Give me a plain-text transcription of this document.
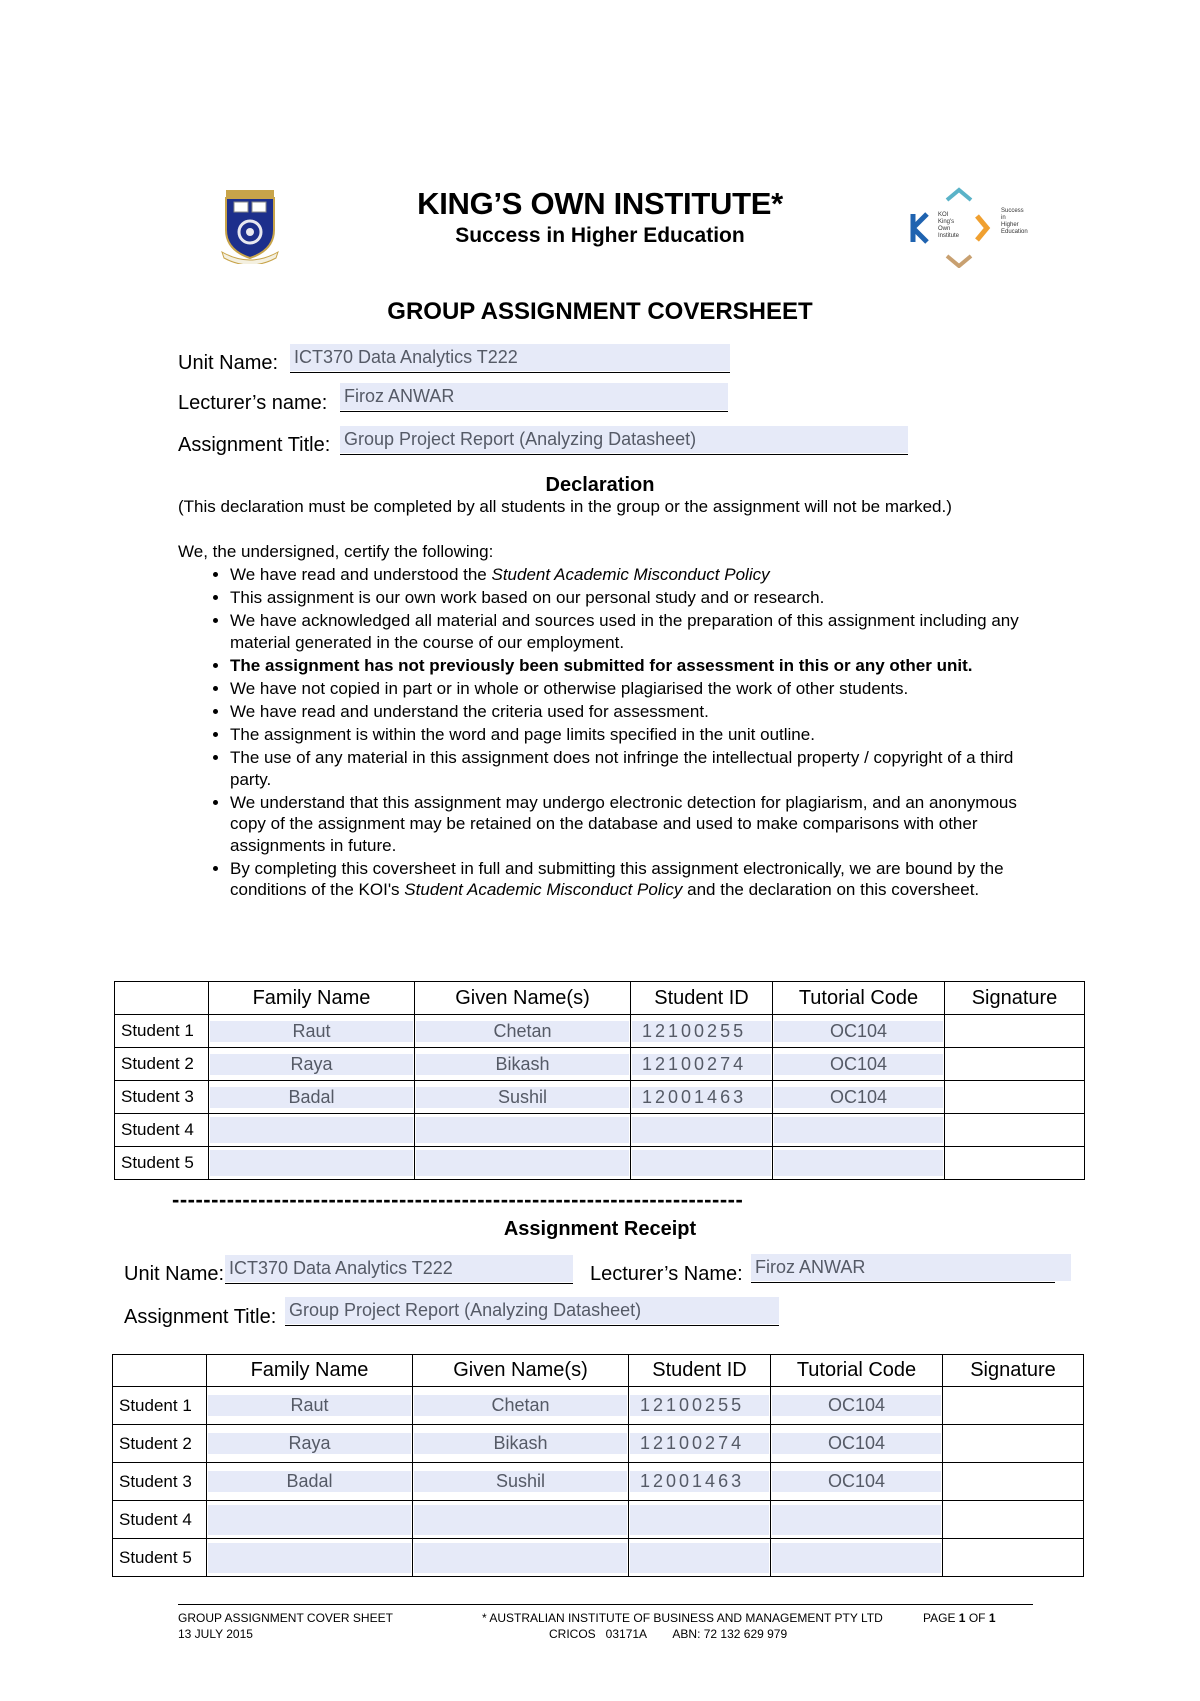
KING’S OWN INSTITUTE*
Success in Higher Education
KOI
King's
Own
Institute
Success
in
Higher
Education
GROUP ASSIGNMENT COVERSHEET
Unit Name: ICT370 Data Analytics T222
Lecturer’s name: Firoz ANWAR
Assignment Title: Group Project Report (Analyzing Datasheet)
Declaration
(This declaration must be completed by all students in the group or the assignment will not be marked.)
We, the undersigned, certify the following:
• We have read and understood the Student Academic Misconduct Policy
• This assignment is our own work based on our personal study and or research.
• We have acknowledged all material and sources used in the preparation of this assignment including any material generated in the course of our employment.
• The assignment has not previously been submitted for assessment in this or any other unit.
• We have not copied in part or in whole or otherwise plagiarised the work of other students.
• We have read and understand the criteria used for assessment.
• The assignment is within the word and page limits specified in the unit outline.
• The use of any material in this assignment does not infringe the intellectual property / copyright of a third party.
• We understand that this assignment may undergo electronic detection for plagiarism, and an anonymous copy of the assignment may be retained on the database and used to make comparisons with other assignments in future.
• By completing this coversheet in full and submitting this assignment electronically, we are bound by the conditions of the KOI's Student Academic Misconduct Policy and the declaration on this coversheet.
	Family Name	Given Name(s)	Student ID	Tutorial Code	Signature
Student 1	Raut	Chetan	12100255	OC104	

Student 2	Raya	Bikash	12100274	OC104	

Student 3	Badal	Sushil	12001463	OC104	

Student 4	

Student 5	

-------------------------------------------------------------------------
Assignment Receipt
Unit Name: ICT370 Data Analytics T222	Lecturer’s Name: Firoz ANWAR
Assignment Title: Group Project Report (Analyzing Datasheet)
	Family Name	Given Name(s)	Student ID	Tutorial Code	Signature
Student 1	Raut	Chetan	12100255	OC104	

Student 2	Raya	Bikash	12100274	OC104	

Student 3	Badal	Sushil	12001463	OC104	

Student 4	

Student 5	

GROUP ASSIGNMENT COVER SHEET
13 JULY 2015
* AUSTRALIAN INSTITUTE OF BUSINESS AND MANAGEMENT PTY LTD
CRICOS   03171A        ABN: 72 132 629 979
PAGE 1 OF 1
